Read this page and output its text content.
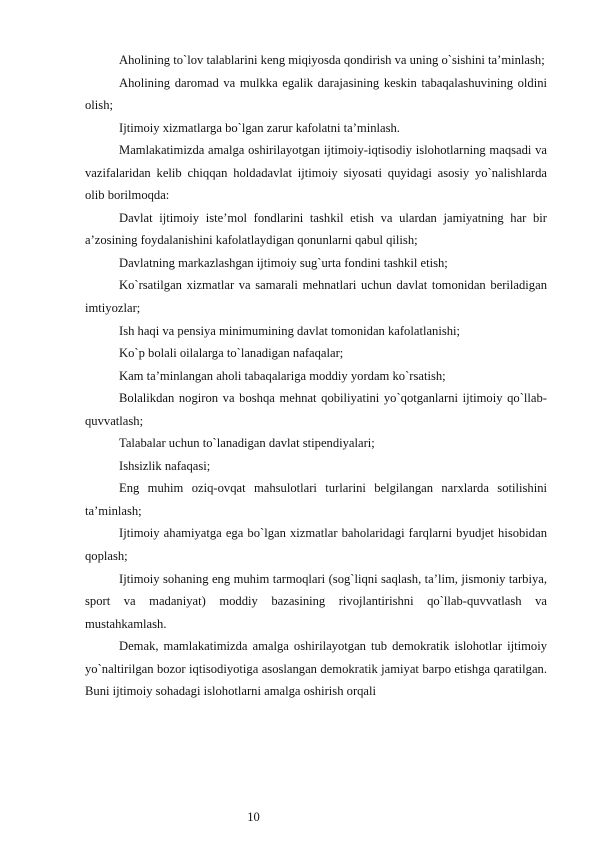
Aholining to`lov talablarini keng miqiyosda qondirish va uning o`sishini ta’minlash;

Aholining daromad va mulkka egalik darajasining keskin tabaqalashuvining oldini olish;

Ijtimoiy xizmatlarga bo`lgan zarur kafolatni ta’minlash.

Mamlakatimizda amalga oshirilayotgan ijtimoiy-iqtisodiy islohotlarning maqsadi va vazifalaridan kelib chiqqan holdadavlat ijtimoiy siyosati quyidagi asosiy yo`nalishlarda olib borilmoqda:

Davlat ijtimoiy iste’mol fondlarini tashkil etish va ulardan jamiyatning har bir a’zosining foydalanishini kafolatlaydigan qonunlarni qabul qilish;

Davlatning markazlashgan ijtimoiy sug`urta fondini tashkil etish;

Ko`rsatilgan xizmatlar va samarali mehnatlari uchun davlat tomonidan beriladigan imtiyozlar;

Ish haqi va pensiya minimumining davlat tomonidan kafolatlanishi;

Ko`p bolali oilalarga to`lanadigan nafaqalar;

Kam ta’minlangan aholi tabaqalariga moddiy yordam ko`rsatish;

Bolalikdan nogiron va boshqa mehnat qobiliyatini yo`qotganlarni ijtimoiy qo`llab-quvvatlash;

Talabalar uchun to`lanadigan davlat stipendiyalari;

Ishsizlik nafaqasi;

Eng muhim oziq-ovqat mahsulotlari turlarini belgilangan narxlarda sotilishini ta’minlash;

Ijtimoiy ahamiyatga ega bo`lgan xizmatlar baholaridagi farqlarni byudjet hisobidan qoplash;

Ijtimoiy sohaning eng muhim tarmoqlari (sog`liqni saqlash, ta’lim, jismoniy tarbiya, sport va madaniyat) moddiy bazasining rivojlantirishni qo`llab-quvvatlash va mustahkamlash.

Demak, mamlakatimizda amalga oshirilayotgan tub demokratik islohotlar ijtimoiy yo`naltirilgan bozor iqtisodiyotiga asoslangan demokratik jamiyat barpo etishga qaratilgan. Buni ijtimoiy sohadagi islohotlarni amalga oshirish orqali

10
